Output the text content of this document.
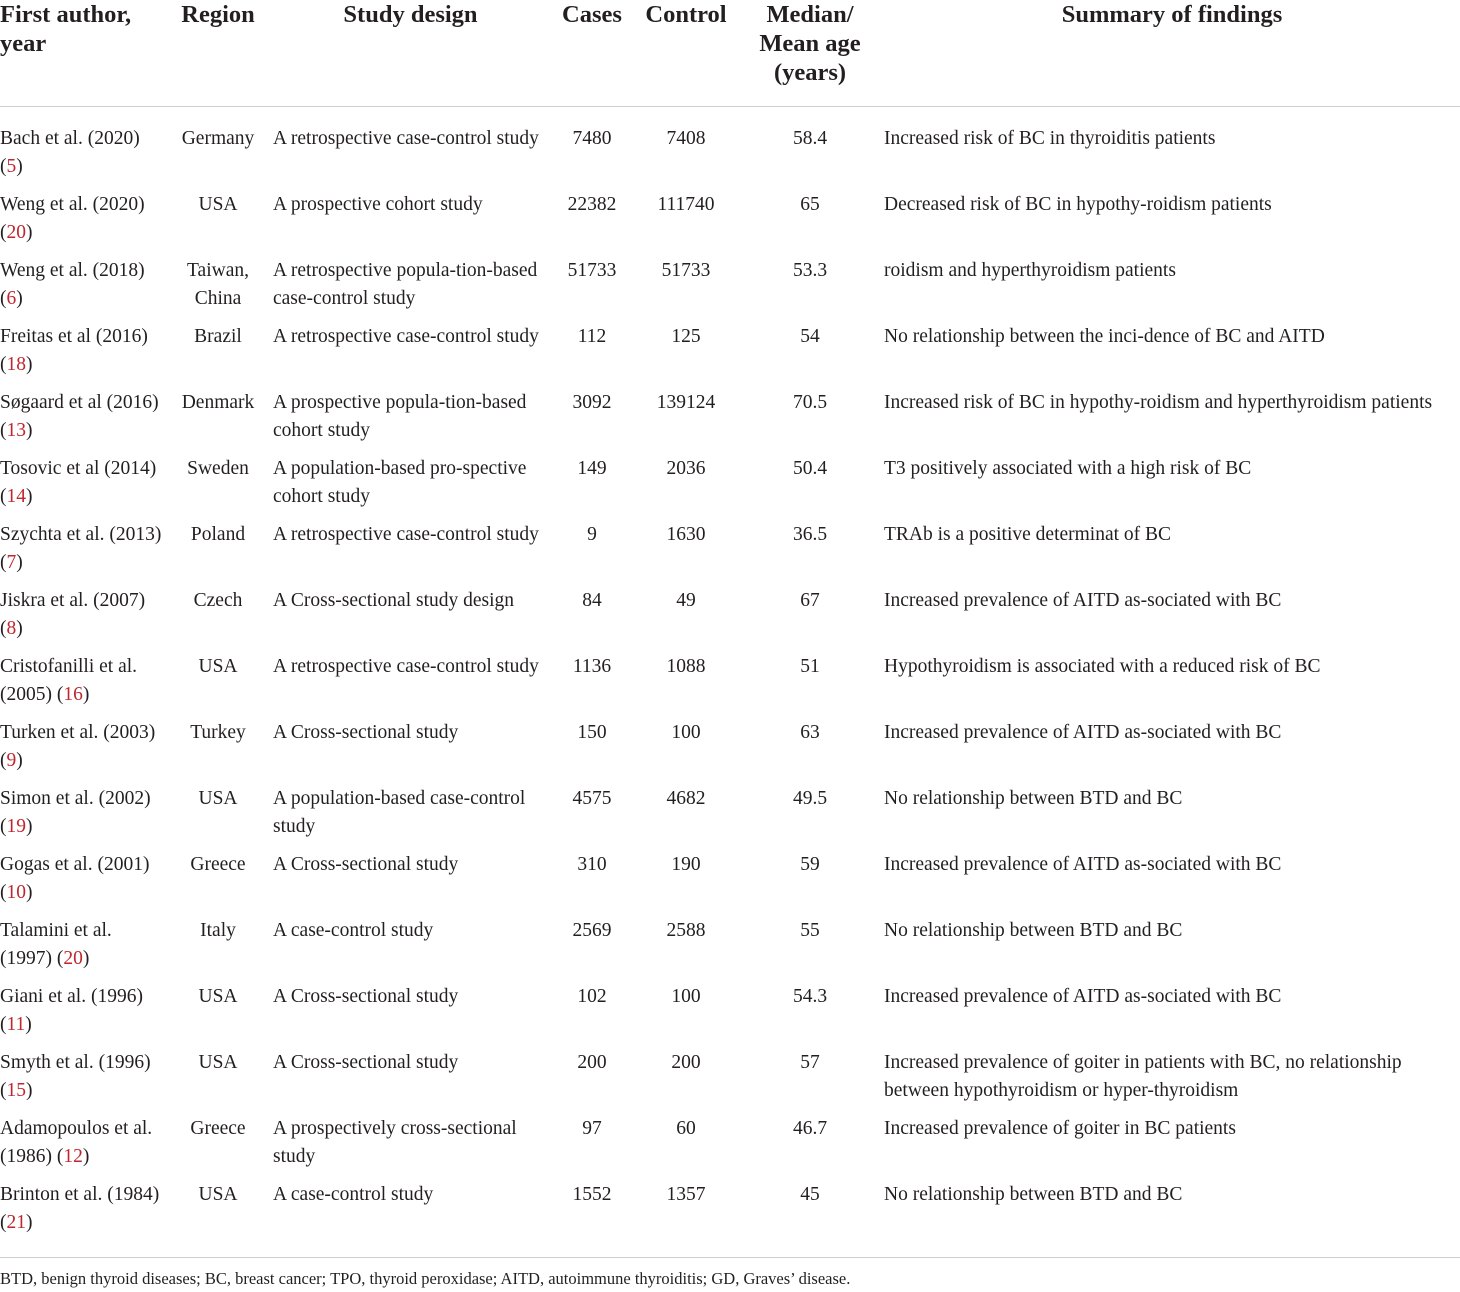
First author, year	Region	Study design	Cases	Control	Median/ Mean age (years)	Summary of findings
Bach et al. (2020) (5)	Germany	A retrospective case-control study	7480	7408	58.4	Increased risk of BC in thyroiditis patients
Weng et al. (2020) (20)	USA	A prospective cohort study	22382	111740	65	Decreased risk of BC in hypothy-roidism patients
Weng et al. (2018) (6)	Taiwan, China	A retrospective popula-tion-based case-control study	51733	51733	53.3	roidism and hyperthyroidism patients
Freitas et al (2016) (18)	Brazil	A retrospective case-control study	112	125	54	No relationship between the inci-dence of BC and AITD
Søgaard et al (2016) (13)	Denmark	A prospective popula-tion-based cohort study	3092	139124	70.5	Increased risk of BC in hypothy-roidism and hyperthyroidism patients
Tosovic et al (2014) (14)	Sweden	A population-based pro-spective cohort study	149	2036	50.4	T3 positively associated with a high risk of BC
Szychta et al. (2013) (7)	Poland	A retrospective case-control study	9	1630	36.5	TRAb is a positive determinat of BC
Jiskra et al. (2007) (8)	Czech	A Cross-sectional study design	84	49	67	Increased prevalence of AITD as-sociated with BC
Cristofanilli et al. (2005) (16)	USA	A retrospective case-control study	1136	1088	51	Hypothyroidism is associated with a reduced risk of BC
Turken et al. (2003) (9)	Turkey	A Cross-sectional study	150	100	63	Increased prevalence of AITD as-sociated with BC
Simon et al. (2002) (19)	USA	A population-based case-control study	4575	4682	49.5	No relationship between BTD and BC
Gogas et al. (2001) (10)	Greece	A Cross-sectional study	310	190	59	Increased prevalence of AITD as-sociated with BC
Talamini et al. (1997) (20)	Italy	A case-control study	2569	2588	55	No relationship between BTD and BC
Giani et al. (1996) (11)	USA	A Cross-sectional study	102	100	54.3	Increased prevalence of AITD as-sociated with BC
Smyth et al. (1996) (15)	USA	A Cross-sectional study	200	200	57	Increased prevalence of goiter in patients with BC, no relationship between hypothyroidism or hyper-thyroidism
Adamopoulos et al. (1986) (12)	Greece	A prospectively cross-sectional study	97	60	46.7	Increased prevalence of goiter in BC patients
Brinton et al. (1984) (21)	USA	A case-control study	1552	1357	45	No relationship between BTD and BC
BTD, benign thyroid diseases; BC, breast cancer; TPO, thyroid peroxidase; AITD, autoimmune thyroiditis; GD, Graves’ disease.
